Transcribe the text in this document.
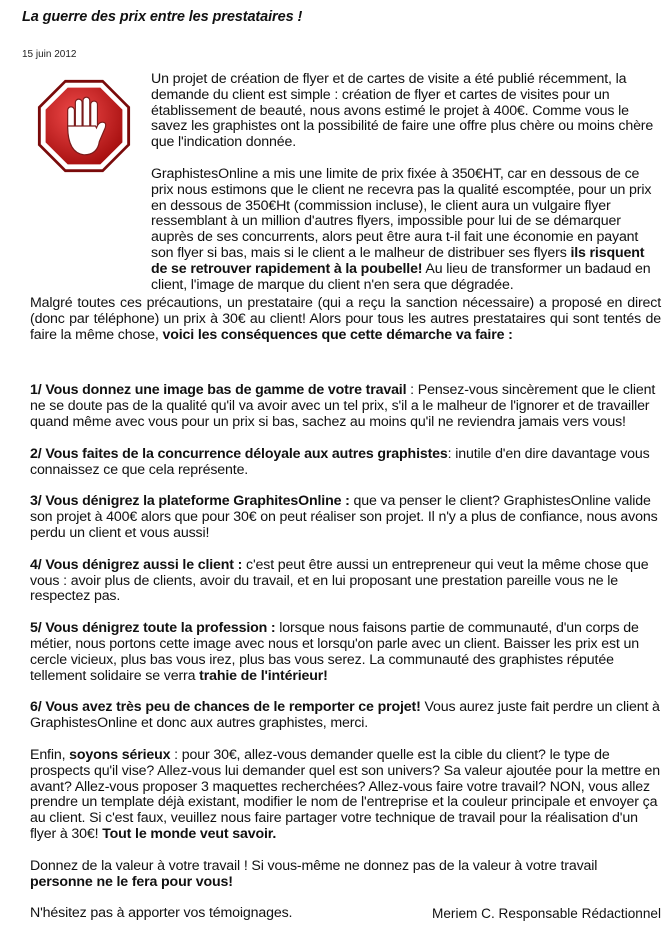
La guerre des prix entre les prestataires !
15 juin 2012

Un projet de création de flyer et de cartes de visite a été publié récemment, la demande du client est simple : création de flyer et cartes de visites pour un établissement de beauté, nous avons estimé le projet à 400€. Comme vous le savez les graphistes ont la possibilité de faire une offre plus chère ou moins chère que l'indication donnée.

GraphistesOnline a mis une limite de prix fixée à 350€HT, car en dessous de ce prix nous estimons que le client ne recevra pas la qualité escomptée, pour un prix en dessous de 350€Ht (commission incluse), le client aura un vulgaire flyer ressemblant à un million d'autres flyers, impossible pour lui de se démarquer auprès de ses concurrents, alors peut être aura t-il fait une économie en payant son flyer si bas, mais si le client a le malheur de distribuer ses flyers ils risquent de se retrouver rapidement à la poubelle! Au lieu de transformer un badaud en client, l'image de marque du client n'en sera que dégradée.

Malgré toutes ces précautions, un prestataire (qui a reçu la sanction nécessaire) a proposé en direct (donc par téléphone) un prix à 30€ au client! Alors pour tous les autres prestataires qui sont tentés de faire la même chose, voici les conséquences que cette démarche va faire :

1/ Vous donnez une image bas de gamme de votre travail : Pensez-vous sincèrement que le client ne se doute pas de la qualité qu'il va avoir avec un tel prix, s'il a le malheur de l'ignorer et de travailler quand même avec vous pour un prix si bas, sachez au moins qu'il ne reviendra jamais vers vous!

2/ Vous faites de la concurrence déloyale aux autres graphistes: inutile d'en dire davantage vous connaissez ce que cela représente.

3/ Vous dénigrez la plateforme GraphitesOnline : que va penser le client? GraphistesOnline valide son projet à 400€ alors que pour 30€ on peut réaliser son projet. Il n'y a plus de confiance, nous avons perdu un client et vous aussi!

4/ Vous dénigrez aussi le client : c'est peut être aussi un entrepreneur qui veut la même chose que vous : avoir plus de clients, avoir du travail, et en lui proposant une prestation pareille vous ne le respectez pas.

5/ Vous dénigrez toute la profession : lorsque nous faisons partie de communauté, d'un corps de métier, nous portons cette image avec nous et lorsqu'on parle avec un client. Baisser les prix est un cercle vicieux, plus bas vous irez, plus bas vous serez. La communauté des graphistes réputée tellement solidaire se verra trahie de l'intérieur!

6/ Vous avez très peu de chances de le remporter ce projet! Vous aurez juste fait perdre un client à GraphistesOnline et donc aux autres graphistes, merci.

Enfin, soyons sérieux : pour 30€, allez-vous demander quelle est la cible du client? le type de prospects qu'il vise? Allez-vous lui demander quel est son univers? Sa valeur ajoutée pour la mettre en avant? Allez-vous proposer 3 maquettes recherchées? Allez-vous faire votre travail? NON, vous allez prendre un template déjà existant, modifier le nom de l'entreprise et la couleur principale et envoyer ça au client. Si c'est faux, veuillez nous faire partager votre technique de travail pour la réalisation d'un flyer à 30€! Tout le monde veut savoir.

Donnez de la valeur à votre travail ! Si vous-même ne donnez pas de la valeur à votre travail personne ne le fera pour vous!

N'hésitez pas à apporter vos témoignages.	Meriem C. Responsable Rédactionnel
